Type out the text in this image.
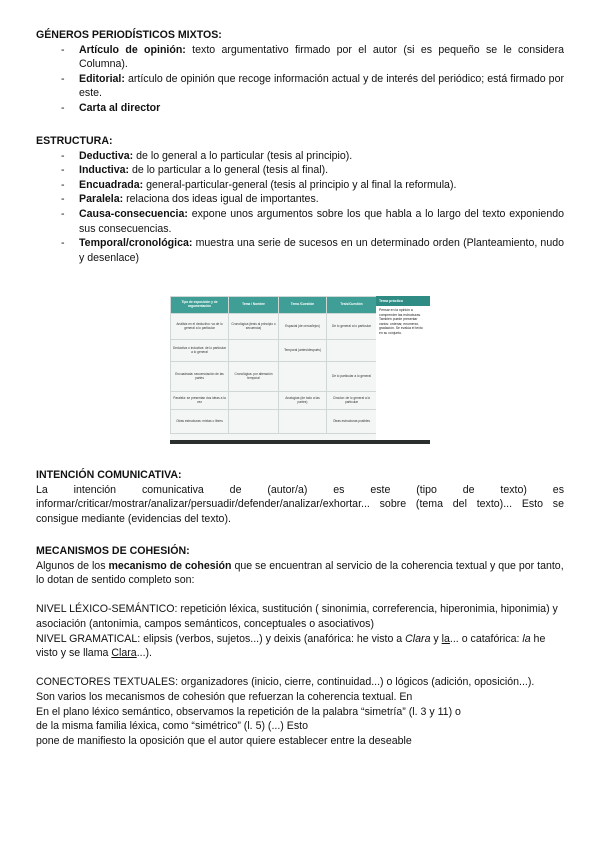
GÉNEROS PERIODÍSTICOS MIXTOS:
- Artículo de opinión: texto argumentativo firmado por el autor (si es pequeño se le considera Columna).
- Editorial: artículo de opinión que recoge información actual y de interés del periódico; está firmado por este.
- Carta al director
ESTRUCTURA:
- Deductiva: de lo general a lo particular (tesis al principio).
- Inductiva: de lo particular a lo general (tesis al final).
- Encuadrada: general-particular-general (tesis al principio y al final la reformula).
- Paralela: relaciona dos ideas igual de importantes.
- Causa-consecuencia: expone unos argumentos sobre los que habla a lo largo del texto exponiendo sus consecuencias.
- Temporal/cronológica: muestra una serie de sucesos en un determinado orden (Planteamiento, nudo y desenlace)
Tipo de exposición y de argumentación	Tema / Nombre	Tema /Cuestión	Tesis/Cuestión
Análisis en el deductivo: va de lo general a lo particular	Cronológica (tesis al principio o secuencia)	Espacial (de cerca/lejos)	De lo general a lo particular
Deductiva o inductiva: de lo particular a lo general		Temporal (antes/después)	
Encuadrada: secuenciación de las partes	Cronológica: por alteración temporal		De lo particular a lo general
Paralela: se presentan dos ideas a la vez		Analogías (de todo a las partes)	Circular: de lo general a lo particular
Otras estructuras: mixtas o libres			Otras estructuras posibles
Tema práctico
Pensar en la opinión a comprender las estructuras. También puede presentar varios: ordenar, enumerar, gradación. Se evalúa el texto en su conjunto.
INTENCIÓN COMUNICATIVA:
La intención comunicativa de (autor/a) es este (tipo de texto) es informar/criticar/mostrar/analizar/persuadir/defender/analizar/exhortar... sobre (tema del texto)... Esto se consigue mediante (evidencias del texto).
MECANISMOS DE COHESIÓN:
Algunos de los mecanismo de cohesión que se encuentran al servicio de la coherencia textual y que por tanto, lo dotan de sentido completo son:
NIVEL LÉXICO-SEMÁNTICO: repetición léxica, sustitución ( sinonimia, correferencia, hiperonimia, hiponimia) y asociación (antonimia, campos semánticos, conceptuales o asociativos)
NIVEL GRAMATICAL: elipsis (verbos, sujetos...) y deixis (anafórica: he visto a Clara y la... o catafórica: la he visto y se llama Clara...).
CONECTORES TEXTUALES: organizadores (inicio, cierre, continuidad...) o lógicos (adición, oposición...).
Son varios los mecanismos de cohesión que refuerzan la coherencia textual. En
En el plano léxico semántico, observamos la repetición de la palabra “simetría” (l. 3 y 11) o
de la misma familia léxica, como “simétrico” (l. 5) (...) Esto
pone de manifiesto la oposición que el autor quiere establecer entre la deseable
